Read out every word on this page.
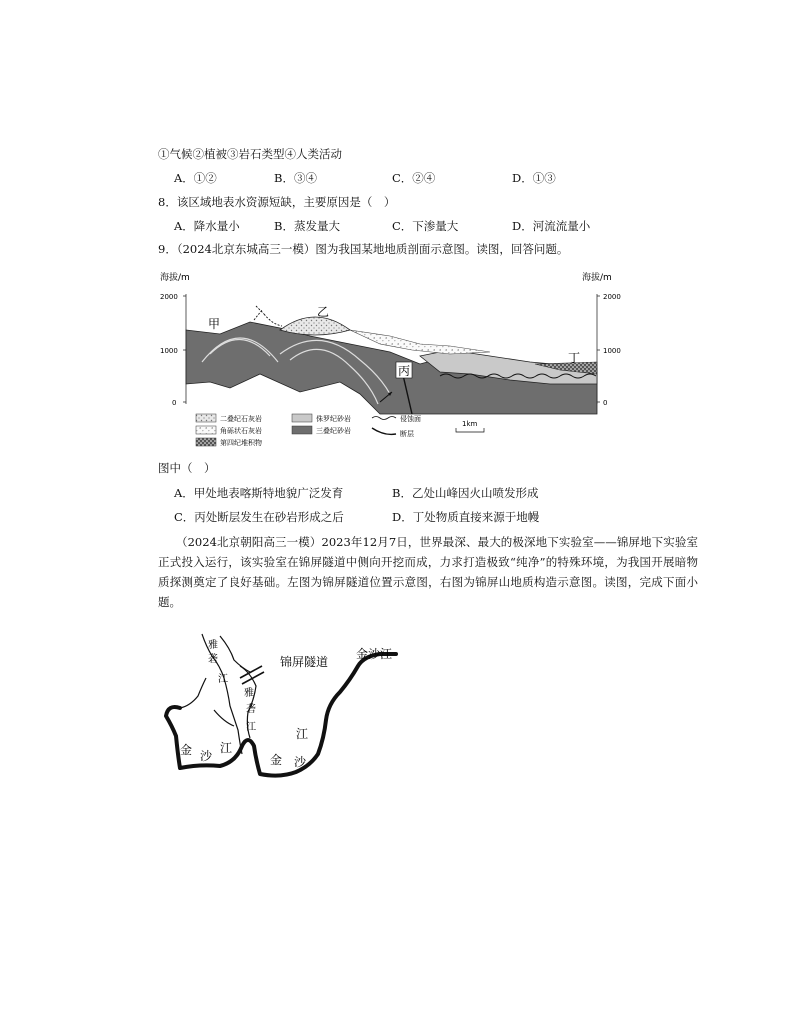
①气候②植被③岩石类型④人类活动
A．①②	B．③④	C．②④	D．①③
8．该区域地表水资源短缺，主要原因是（　）
A．降水量小	B．蒸发量大	C．下渗量大	D．河流流量小
9．（2024北京东城高三一模）图为我国某地地质剖面示意图。读图，回答问题。
海拔/m	海拔/m
2000
1000
0
2000
1000
0
甲
乙
丙
丁
二叠纪石灰岩	侏罗纪砂岩	侵蚀面
角砾状石灰岩	三叠纪砂岩	断层
第四纪堆积物
1km
图中（　）
A．甲处地表喀斯特地貌广泛发育	B．乙处山峰因火山喷发形成
C．丙处断层发生在砂岩形成之后	D．丁处物质直接来源于地幔
（2024北京朝阳高三一模）2023年12月7日，世界最深、最大的极深地下实验室——锦屏地下实验室正式投入运行，该实验室在锦屏隧道中侧向开挖而成，力求打造极致“纯净”的特殊环境，为我国开展暗物质探测奠定了良好基础。左图为锦屏隧道位置示意图，右图为锦屏山地质构造示意图。读图，完成下面小题。
锦屏隧道
金沙江
雅
砻
江
雅
砻
江
金 沙
江
金 沙
江
